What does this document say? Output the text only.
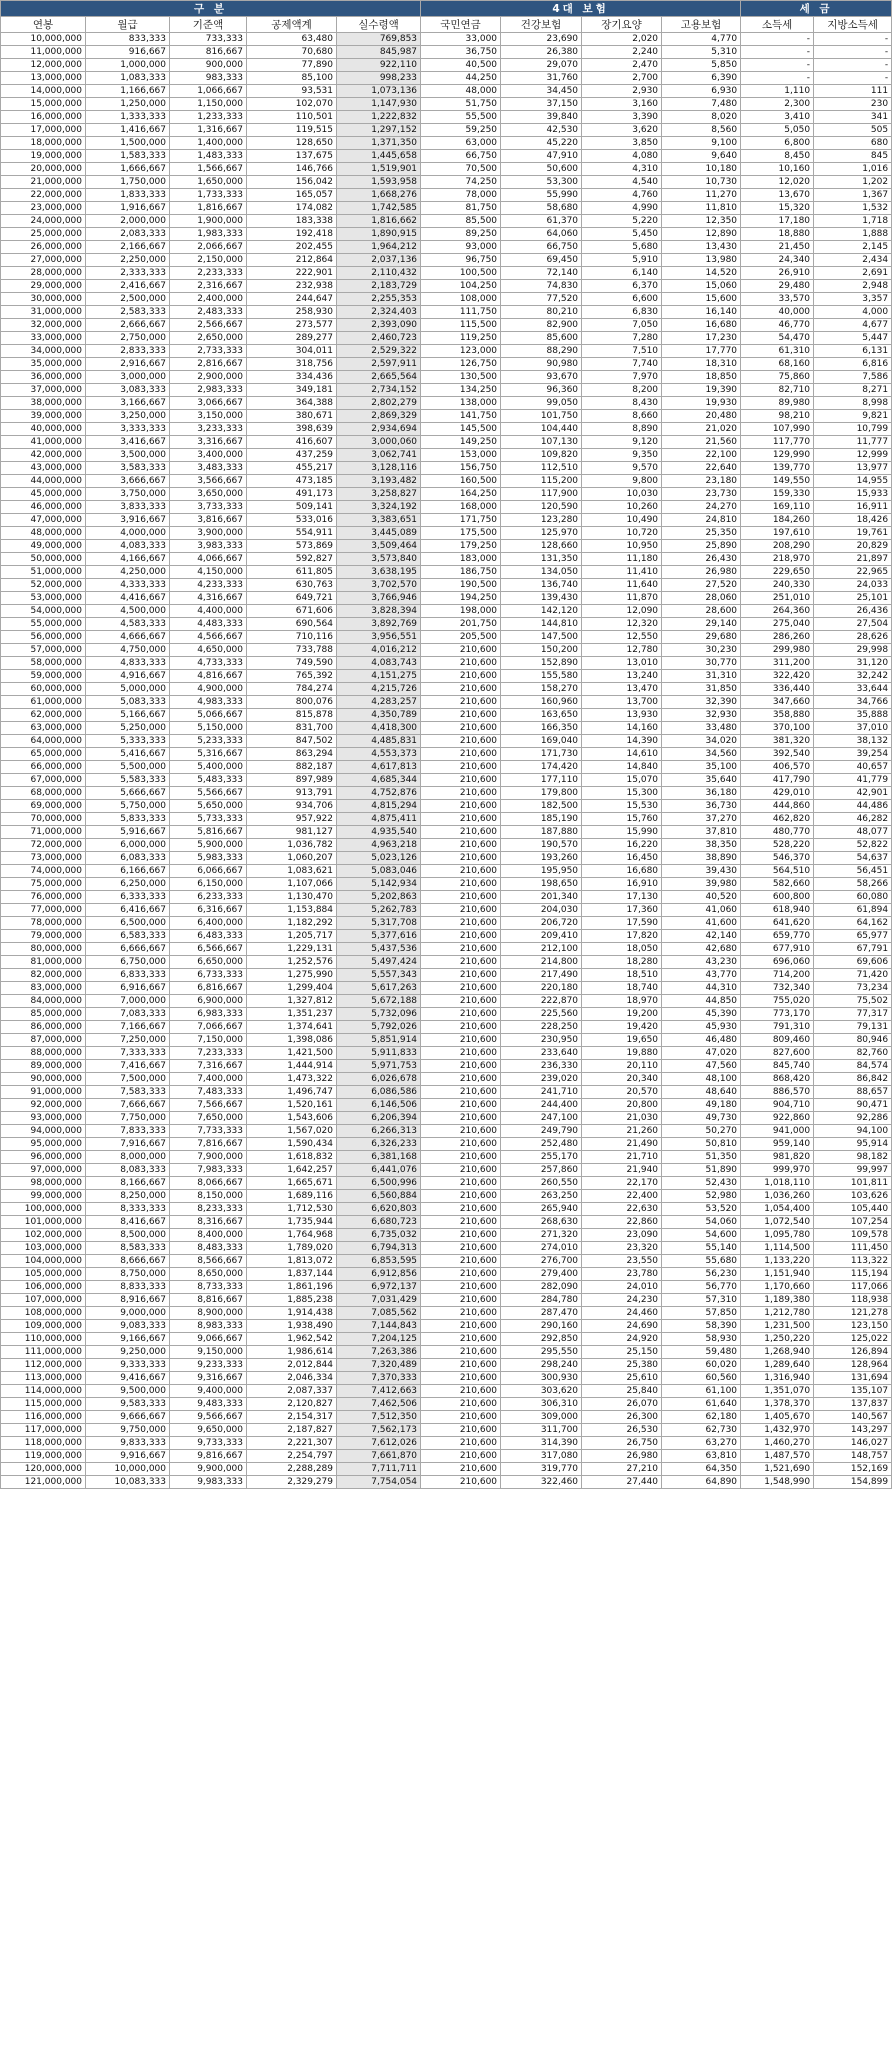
구 분					4대 보험				세 금	
연봉	월급	기준액	공제액계	실수령액	국민연금	건강보험	장기요양	고용보험	소득세	지방소득세
10,000,000	833,333	733,333	63,480	769,853	33,000	23,690	2,020	4,770	-	-
11,000,000	916,667	816,667	70,680	845,987	36,750	26,380	2,240	5,310	-	-
12,000,000	1,000,000	900,000	77,890	922,110	40,500	29,070	2,470	5,850	-	-
13,000,000	1,083,333	983,333	85,100	998,233	44,250	31,760	2,700	6,390	-	-
14,000,000	1,166,667	1,066,667	93,531	1,073,136	48,000	34,450	2,930	6,930	1,110	111
15,000,000	1,250,000	1,150,000	102,070	1,147,930	51,750	37,150	3,160	7,480	2,300	230
16,000,000	1,333,333	1,233,333	110,501	1,222,832	55,500	39,840	3,390	8,020	3,410	341
17,000,000	1,416,667	1,316,667	119,515	1,297,152	59,250	42,530	3,620	8,560	5,050	505
18,000,000	1,500,000	1,400,000	128,650	1,371,350	63,000	45,220	3,850	9,100	6,800	680
19,000,000	1,583,333	1,483,333	137,675	1,445,658	66,750	47,910	4,080	9,640	8,450	845
20,000,000	1,666,667	1,566,667	146,766	1,519,901	70,500	50,600	4,310	10,180	10,160	1,016
21,000,000	1,750,000	1,650,000	156,042	1,593,958	74,250	53,300	4,540	10,730	12,020	1,202
22,000,000	1,833,333	1,733,333	165,057	1,668,276	78,000	55,990	4,760	11,270	13,670	1,367
23,000,000	1,916,667	1,816,667	174,082	1,742,585	81,750	58,680	4,990	11,810	15,320	1,532
24,000,000	2,000,000	1,900,000	183,338	1,816,662	85,500	61,370	5,220	12,350	17,180	1,718
25,000,000	2,083,333	1,983,333	192,418	1,890,915	89,250	64,060	5,450	12,890	18,880	1,888
26,000,000	2,166,667	2,066,667	202,455	1,964,212	93,000	66,750	5,680	13,430	21,450	2,145
27,000,000	2,250,000	2,150,000	212,864	2,037,136	96,750	69,450	5,910	13,980	24,340	2,434
28,000,000	2,333,333	2,233,333	222,901	2,110,432	100,500	72,140	6,140	14,520	26,910	2,691
29,000,000	2,416,667	2,316,667	232,938	2,183,729	104,250	74,830	6,370	15,060	29,480	2,948
30,000,000	2,500,000	2,400,000	244,647	2,255,353	108,000	77,520	6,600	15,600	33,570	3,357
31,000,000	2,583,333	2,483,333	258,930	2,324,403	111,750	80,210	6,830	16,140	40,000	4,000
32,000,000	2,666,667	2,566,667	273,577	2,393,090	115,500	82,900	7,050	16,680	46,770	4,677
33,000,000	2,750,000	2,650,000	289,277	2,460,723	119,250	85,600	7,280	17,230	54,470	5,447
34,000,000	2,833,333	2,733,333	304,011	2,529,322	123,000	88,290	7,510	17,770	61,310	6,131
35,000,000	2,916,667	2,816,667	318,756	2,597,911	126,750	90,980	7,740	18,310	68,160	6,816
36,000,000	3,000,000	2,900,000	334,436	2,665,564	130,500	93,670	7,970	18,850	75,860	7,586
37,000,000	3,083,333	2,983,333	349,181	2,734,152	134,250	96,360	8,200	19,390	82,710	8,271
38,000,000	3,166,667	3,066,667	364,388	2,802,279	138,000	99,050	8,430	19,930	89,980	8,998
39,000,000	3,250,000	3,150,000	380,671	2,869,329	141,750	101,750	8,660	20,480	98,210	9,821
40,000,000	3,333,333	3,233,333	398,639	2,934,694	145,500	104,440	8,890	21,020	107,990	10,799
41,000,000	3,416,667	3,316,667	416,607	3,000,060	149,250	107,130	9,120	21,560	117,770	11,777
42,000,000	3,500,000	3,400,000	437,259	3,062,741	153,000	109,820	9,350	22,100	129,990	12,999
43,000,000	3,583,333	3,483,333	455,217	3,128,116	156,750	112,510	9,570	22,640	139,770	13,977
44,000,000	3,666,667	3,566,667	473,185	3,193,482	160,500	115,200	9,800	23,180	149,550	14,955
45,000,000	3,750,000	3,650,000	491,173	3,258,827	164,250	117,900	10,030	23,730	159,330	15,933
46,000,000	3,833,333	3,733,333	509,141	3,324,192	168,000	120,590	10,260	24,270	169,110	16,911
47,000,000	3,916,667	3,816,667	533,016	3,383,651	171,750	123,280	10,490	24,810	184,260	18,426
48,000,000	4,000,000	3,900,000	554,911	3,445,089	175,500	125,970	10,720	25,350	197,610	19,761
49,000,000	4,083,333	3,983,333	573,869	3,509,464	179,250	128,660	10,950	25,890	208,290	20,829
50,000,000	4,166,667	4,066,667	592,827	3,573,840	183,000	131,350	11,180	26,430	218,970	21,897
51,000,000	4,250,000	4,150,000	611,805	3,638,195	186,750	134,050	11,410	26,980	229,650	22,965
52,000,000	4,333,333	4,233,333	630,763	3,702,570	190,500	136,740	11,640	27,520	240,330	24,033
53,000,000	4,416,667	4,316,667	649,721	3,766,946	194,250	139,430	11,870	28,060	251,010	25,101
54,000,000	4,500,000	4,400,000	671,606	3,828,394	198,000	142,120	12,090	28,600	264,360	26,436
55,000,000	4,583,333	4,483,333	690,564	3,892,769	201,750	144,810	12,320	29,140	275,040	27,504
56,000,000	4,666,667	4,566,667	710,116	3,956,551	205,500	147,500	12,550	29,680	286,260	28,626
57,000,000	4,750,000	4,650,000	733,788	4,016,212	210,600	150,200	12,780	30,230	299,980	29,998
58,000,000	4,833,333	4,733,333	749,590	4,083,743	210,600	152,890	13,010	30,770	311,200	31,120
59,000,000	4,916,667	4,816,667	765,392	4,151,275	210,600	155,580	13,240	31,310	322,420	32,242
60,000,000	5,000,000	4,900,000	784,274	4,215,726	210,600	158,270	13,470	31,850	336,440	33,644
61,000,000	5,083,333	4,983,333	800,076	4,283,257	210,600	160,960	13,700	32,390	347,660	34,766
62,000,000	5,166,667	5,066,667	815,878	4,350,789	210,600	163,650	13,930	32,930	358,880	35,888
63,000,000	5,250,000	5,150,000	831,700	4,418,300	210,600	166,350	14,160	33,480	370,100	37,010
64,000,000	5,333,333	5,233,333	847,502	4,485,831	210,600	169,040	14,390	34,020	381,320	38,132
65,000,000	5,416,667	5,316,667	863,294	4,553,373	210,600	171,730	14,610	34,560	392,540	39,254
66,000,000	5,500,000	5,400,000	882,187	4,617,813	210,600	174,420	14,840	35,100	406,570	40,657
67,000,000	5,583,333	5,483,333	897,989	4,685,344	210,600	177,110	15,070	35,640	417,790	41,779
68,000,000	5,666,667	5,566,667	913,791	4,752,876	210,600	179,800	15,300	36,180	429,010	42,901
69,000,000	5,750,000	5,650,000	934,706	4,815,294	210,600	182,500	15,530	36,730	444,860	44,486
70,000,000	5,833,333	5,733,333	957,922	4,875,411	210,600	185,190	15,760	37,270	462,820	46,282
71,000,000	5,916,667	5,816,667	981,127	4,935,540	210,600	187,880	15,990	37,810	480,770	48,077
72,000,000	6,000,000	5,900,000	1,036,782	4,963,218	210,600	190,570	16,220	38,350	528,220	52,822
73,000,000	6,083,333	5,983,333	1,060,207	5,023,126	210,600	193,260	16,450	38,890	546,370	54,637
74,000,000	6,166,667	6,066,667	1,083,621	5,083,046	210,600	195,950	16,680	39,430	564,510	56,451
75,000,000	6,250,000	6,150,000	1,107,066	5,142,934	210,600	198,650	16,910	39,980	582,660	58,266
76,000,000	6,333,333	6,233,333	1,130,470	5,202,863	210,600	201,340	17,130	40,520	600,800	60,080
77,000,000	6,416,667	6,316,667	1,153,884	5,262,783	210,600	204,030	17,360	41,060	618,940	61,894
78,000,000	6,500,000	6,400,000	1,182,292	5,317,708	210,600	206,720	17,590	41,600	641,620	64,162
79,000,000	6,583,333	6,483,333	1,205,717	5,377,616	210,600	209,410	17,820	42,140	659,770	65,977
80,000,000	6,666,667	6,566,667	1,229,131	5,437,536	210,600	212,100	18,050	42,680	677,910	67,791
81,000,000	6,750,000	6,650,000	1,252,576	5,497,424	210,600	214,800	18,280	43,230	696,060	69,606
82,000,000	6,833,333	6,733,333	1,275,990	5,557,343	210,600	217,490	18,510	43,770	714,200	71,420
83,000,000	6,916,667	6,816,667	1,299,404	5,617,263	210,600	220,180	18,740	44,310	732,340	73,234
84,000,000	7,000,000	6,900,000	1,327,812	5,672,188	210,600	222,870	18,970	44,850	755,020	75,502
85,000,000	7,083,333	6,983,333	1,351,237	5,732,096	210,600	225,560	19,200	45,390	773,170	77,317
86,000,000	7,166,667	7,066,667	1,374,641	5,792,026	210,600	228,250	19,420	45,930	791,310	79,131
87,000,000	7,250,000	7,150,000	1,398,086	5,851,914	210,600	230,950	19,650	46,480	809,460	80,946
88,000,000	7,333,333	7,233,333	1,421,500	5,911,833	210,600	233,640	19,880	47,020	827,600	82,760
89,000,000	7,416,667	7,316,667	1,444,914	5,971,753	210,600	236,330	20,110	47,560	845,740	84,574
90,000,000	7,500,000	7,400,000	1,473,322	6,026,678	210,600	239,020	20,340	48,100	868,420	86,842
91,000,000	7,583,333	7,483,333	1,496,747	6,086,586	210,600	241,710	20,570	48,640	886,570	88,657
92,000,000	7,666,667	7,566,667	1,520,161	6,146,506	210,600	244,400	20,800	49,180	904,710	90,471
93,000,000	7,750,000	7,650,000	1,543,606	6,206,394	210,600	247,100	21,030	49,730	922,860	92,286
94,000,000	7,833,333	7,733,333	1,567,020	6,266,313	210,600	249,790	21,260	50,270	941,000	94,100
95,000,000	7,916,667	7,816,667	1,590,434	6,326,233	210,600	252,480	21,490	50,810	959,140	95,914
96,000,000	8,000,000	7,900,000	1,618,832	6,381,168	210,600	255,170	21,710	51,350	981,820	98,182
97,000,000	8,083,333	7,983,333	1,642,257	6,441,076	210,600	257,860	21,940	51,890	999,970	99,997
98,000,000	8,166,667	8,066,667	1,665,671	6,500,996	210,600	260,550	22,170	52,430	1,018,110	101,811
99,000,000	8,250,000	8,150,000	1,689,116	6,560,884	210,600	263,250	22,400	52,980	1,036,260	103,626
100,000,000	8,333,333	8,233,333	1,712,530	6,620,803	210,600	265,940	22,630	53,520	1,054,400	105,440
101,000,000	8,416,667	8,316,667	1,735,944	6,680,723	210,600	268,630	22,860	54,060	1,072,540	107,254
102,000,000	8,500,000	8,400,000	1,764,968	6,735,032	210,600	271,320	23,090	54,600	1,095,780	109,578
103,000,000	8,583,333	8,483,333	1,789,020	6,794,313	210,600	274,010	23,320	55,140	1,114,500	111,450
104,000,000	8,666,667	8,566,667	1,813,072	6,853,595	210,600	276,700	23,550	55,680	1,133,220	113,322
105,000,000	8,750,000	8,650,000	1,837,144	6,912,856	210,600	279,400	23,780	56,230	1,151,940	115,194
106,000,000	8,833,333	8,733,333	1,861,196	6,972,137	210,600	282,090	24,010	56,770	1,170,660	117,066
107,000,000	8,916,667	8,816,667	1,885,238	7,031,429	210,600	284,780	24,230	57,310	1,189,380	118,938
108,000,000	9,000,000	8,900,000	1,914,438	7,085,562	210,600	287,470	24,460	57,850	1,212,780	121,278
109,000,000	9,083,333	8,983,333	1,938,490	7,144,843	210,600	290,160	24,690	58,390	1,231,500	123,150
110,000,000	9,166,667	9,066,667	1,962,542	7,204,125	210,600	292,850	24,920	58,930	1,250,220	125,022
111,000,000	9,250,000	9,150,000	1,986,614	7,263,386	210,600	295,550	25,150	59,480	1,268,940	126,894
112,000,000	9,333,333	9,233,333	2,012,844	7,320,489	210,600	298,240	25,380	60,020	1,289,640	128,964
113,000,000	9,416,667	9,316,667	2,046,334	7,370,333	210,600	300,930	25,610	60,560	1,316,940	131,694
114,000,000	9,500,000	9,400,000	2,087,337	7,412,663	210,600	303,620	25,840	61,100	1,351,070	135,107
115,000,000	9,583,333	9,483,333	2,120,827	7,462,506	210,600	306,310	26,070	61,640	1,378,370	137,837
116,000,000	9,666,667	9,566,667	2,154,317	7,512,350	210,600	309,000	26,300	62,180	1,405,670	140,567
117,000,000	9,750,000	9,650,000	2,187,827	7,562,173	210,600	311,700	26,530	62,730	1,432,970	143,297
118,000,000	9,833,333	9,733,333	2,221,307	7,612,026	210,600	314,390	26,750	63,270	1,460,270	146,027
119,000,000	9,916,667	9,816,667	2,254,797	7,661,870	210,600	317,080	26,980	63,810	1,487,570	148,757
120,000,000	10,000,000	9,900,000	2,288,289	7,711,711	210,600	319,770	27,210	64,350	1,521,690	152,169
121,000,000	10,083,333	9,983,333	2,329,279	7,754,054	210,600	322,460	27,440	64,890	1,548,990	154,899
